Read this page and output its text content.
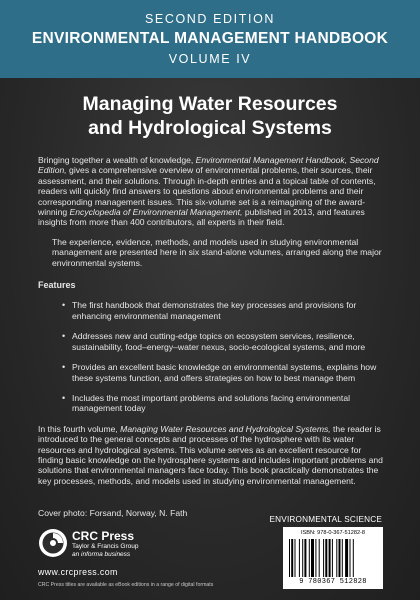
SECOND EDITION
ENVIRONMENTAL MANAGEMENT HANDBOOK
VOLUME IV
Managing Water Resources
and Hydrological Systems

Bringing together a wealth of knowledge, Environmental Management Handbook, Second Edition, gives a comprehensive overview of environmental problems, their sources, their assessment, and their solutions. Through in-depth entries and a topical table of contents, readers will quickly find answers to questions about environmental problems and their corresponding management issues. This six-volume set is a reimagining of the award-winning Encyclopedia of Environmental Management, published in 2013, and features insights from more than 400 contributors, all experts in their field.

The experience, evidence, methods, and models used in studying environmental management are presented here in six stand-alone volumes, arranged along the major environmental systems.

Features

• The first handbook that demonstrates the key processes and provisions for enhancing environmental management
• Addresses new and cutting-edge topics on ecosystem services, resilience, sustainability, food–energy–water nexus, socio-ecological systems, and more
• Provides an excellent basic knowledge on environmental systems, explains how these systems function, and offers strategies on how to best manage them
• Includes the most important problems and solutions facing environmental management today

In this fourth volume, Managing Water Resources and Hydrological Systems, the reader is introduced to the general concepts and processes of the hydrosphere with its water resources and hydrological systems. This volume serves as an excellent resource for finding basic knowledge on the hydrosphere systems and includes important problems and solutions that environmental managers face today. This book practically demonstrates the key processes, methods, and models used in studying environmental management.

Cover photo: Forsand, Norway, N. Fath
ENVIRONMENTAL SCIENCE
CRC Press
Taylor & Francis Group
an informa business
www.crcpress.com
CRC Press titles are available as eBook editions in a range of digital formats
ISBN: 978-0-367-51282-8
9 780367 512828
